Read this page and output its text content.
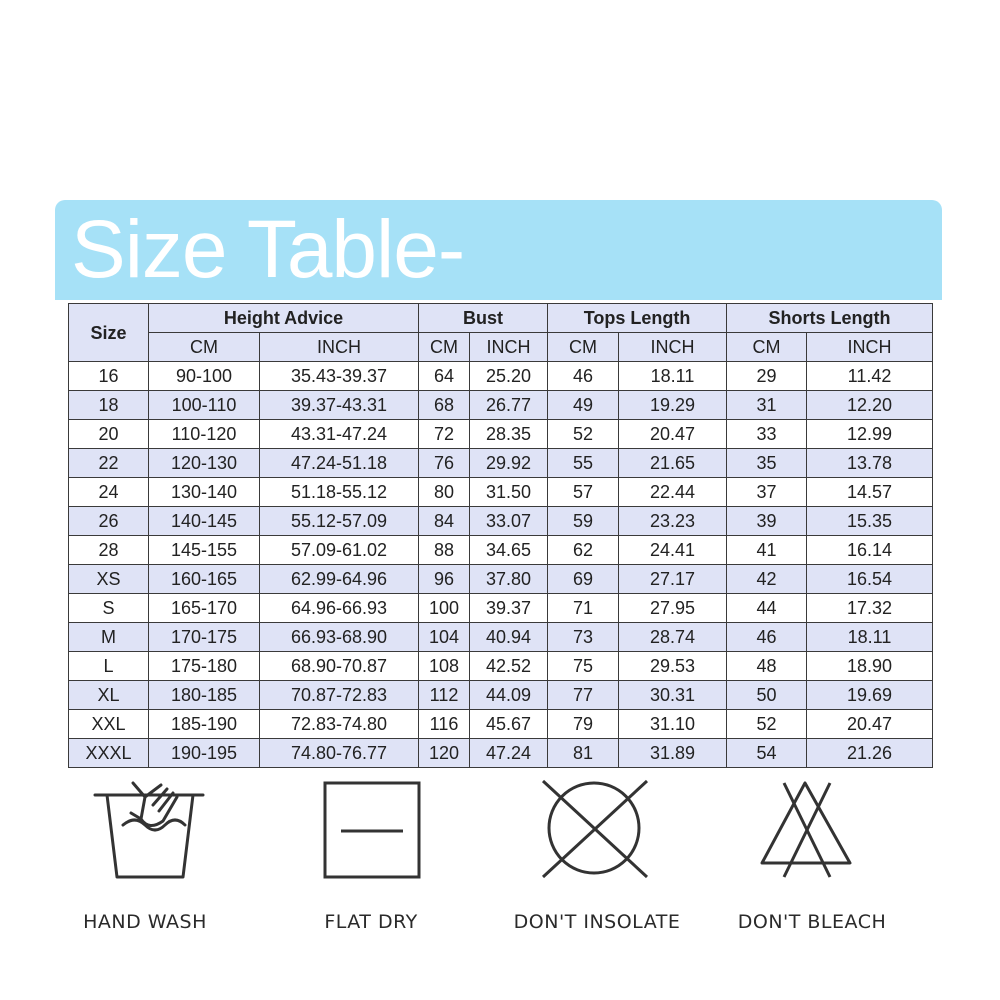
Size Table-
Size	Height Advice		Bust		Tops Length		Shorts Length	
	CM	INCH	CM	INCH	CM	INCH	CM	INCH
16	90-100	35.43-39.37	64	25.20	46	18.11	29	11.42
18	100-110	39.37-43.31	68	26.77	49	19.29	31	12.20
20	110-120	43.31-47.24	72	28.35	52	20.47	33	12.99
22	120-130	47.24-51.18	76	29.92	55	21.65	35	13.78
24	130-140	51.18-55.12	80	31.50	57	22.44	37	14.57
26	140-145	55.12-57.09	84	33.07	59	23.23	39	15.35
28	145-155	57.09-61.02	88	34.65	62	24.41	41	16.14
XS	160-165	62.99-64.96	96	37.80	69	27.17	42	16.54
S	165-170	64.96-66.93	100	39.37	71	27.95	44	17.32
M	170-175	66.93-68.90	104	40.94	73	28.74	46	18.11
L	175-180	68.90-70.87	108	42.52	75	29.53	48	18.90
XL	180-185	70.87-72.83	112	44.09	77	30.31	50	19.69
XXL	185-190	72.83-74.80	116	45.67	79	31.10	52	20.47
XXXL	190-195	74.80-76.77	120	47.24	81	31.89	54	21.26
HAND WASH	FLAT DRY	DON'T INSOLATE	DON'T BLEACH
